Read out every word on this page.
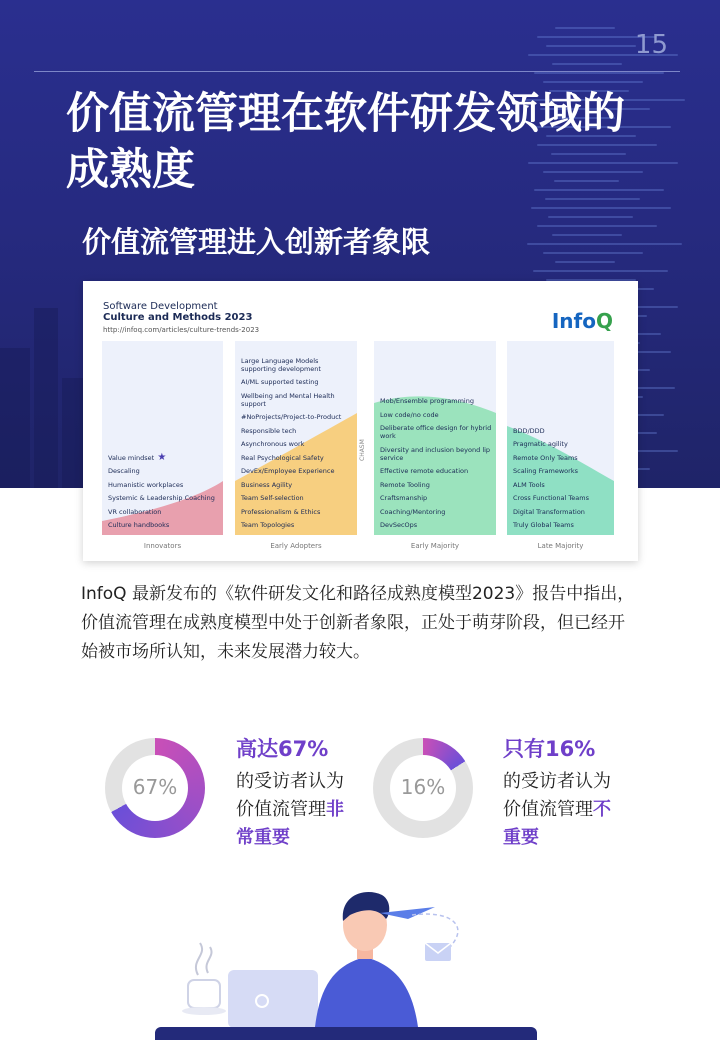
15
价值流管理在软件研发领域的成熟度
价值流管理进入创新者象限
Software Development
Culture and Methods 2023
http://infoq.com/articles/culture-trends-2023	InfoQ
Value mindset ★
Descaling
Humanistic workplaces
Systemic & Leadership Coaching
VR collaboration
Culture handbooks
Large Language Models supporting development
AI/ML supported testing
Wellbeing and Mental Health support
#NoProjects/Project-to-Product
Responsible tech
Asynchronous work
Real Psychological Safety
DevEx/Employee Experience
Business Agility
Team Self-selection
Professionalism & Ethics
Team Topologies
CHASM
Mob/Ensemble programming
Low code/no code
Deliberate office design for hybrid work
Diversity and inclusion beyond lip service
Effective remote education
Remote Tooling
Craftsmanship
Coaching/Mentoring
DevSecOps
BDD/DDD
Pragmatic agility
Remote Only Teams
Scaling Frameworks
ALM Tools
Cross Functional Teams
Digital Transformation
Truly Global Teams
Innovators	Early Adopters	Early Majority	Late Majority
InfoQ 最新发布的《软件研发文化和路径成熟度模型2023》报告中指出，价值流管理在成熟度模型中处于创新者象限，正处于萌芽阶段，但已经开始被市场所认知，未来发展潜力较大。
67%
高达67%
的受访者认为价值流管理非常重要
16%
只有16%
的受访者认为价值流管理不重要
